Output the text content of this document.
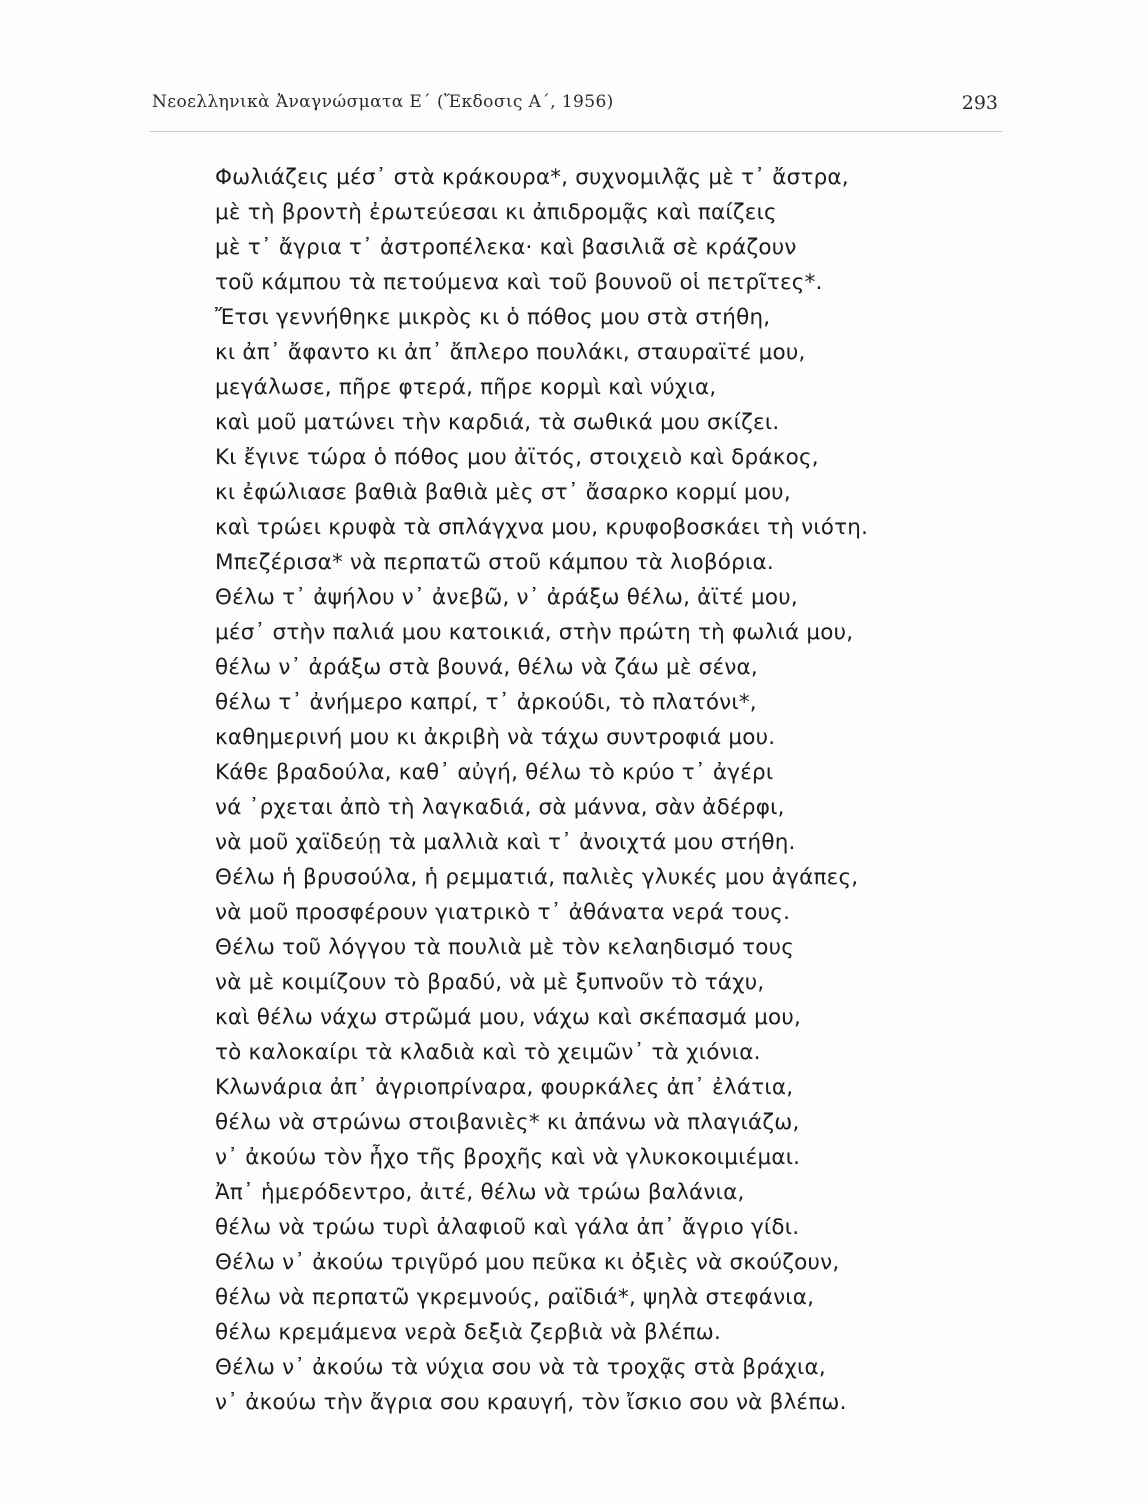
Νεοελληνικὰ Ἀναγνώσματα Ε΄ (Ἔκδοσις Α΄, 1956)	293
Φωλιάζεις μέσ᾽ στὰ κράκουρα*, συχνομιλᾷς μὲ τ᾽ ἄστρα,
μὲ τὴ βροντὴ ἐρωτεύεσαι κι ἀπιδρομᾷς καὶ παίζεις
μὲ τ᾽ ἄγρια τ᾽ ἀστροπέλεκα· καὶ βασιλιᾶ σὲ κράζουν
τοῦ κάμπου τὰ πετούμενα καὶ τοῦ βουνοῦ οἱ πετρῖτες*.
Ἔτσι γεννήθηκε μικρὸς κι ὁ πόθος μου στὰ στήθη,
κι ἀπ᾽ ἄφαντο κι ἀπ᾽ ἄπλερο πουλάκι, σταυραϊτέ μου,
μεγάλωσε, πῆρε φτερά, πῆρε κορμὶ καὶ νύχια,
καὶ μοῦ ματώνει τὴν καρδιά, τὰ σωθικά μου σκίζει.
Κι ἔγινε τώρα ὁ πόθος μου ἀϊτός, στοιχειὸ καὶ δράκος,
κι ἐφώλιασε βαθιὰ βαθιὰ μὲς στ᾽ ἄσαρκο κορμί μου,
καὶ τρώει κρυφὰ τὰ σπλάγχνα μου, κρυφοβοσκάει τὴ νιότη.
Μπεζέρισα* νὰ περπατῶ στοῦ κάμπου τὰ λιοβόρια.
Θέλω τ᾽ ἀψήλου ν᾽ ἀνεβῶ, ν᾽ ἀράξω θέλω, ἀϊτέ μου,
μέσ᾽ στὴν παλιά μου κατοικιά, στὴν πρώτη τὴ φωλιά μου,
θέλω ν᾽ ἀράξω στὰ βουνά, θέλω νὰ ζάω μὲ σένα,
θέλω τ᾽ ἀνήμερο καπρί, τ᾽ ἀρκούδι, τὸ πλατόνι*,
καθημερινή μου κι ἀκριβὴ νὰ τάχω συντροφιά μου.
Κάθε βραδούλα, καθ᾽ αὐγή, θέλω τὸ κρύο τ᾽ ἀγέρι
νά ᾽ρχεται ἀπὸ τὴ λαγκαδιά, σὰ μάννα, σὰν ἀδέρφι,
νὰ μοῦ χαϊδεύῃ τὰ μαλλιὰ καὶ τ᾽ ἀνοιχτά μου στήθη.
Θέλω ἡ βρυσούλα, ἡ ρεμματιά, παλιὲς γλυκές μου ἀγάπες,
νὰ μοῦ προσφέρουν γιατρικὸ τ᾽ ἀθάνατα νερά τους.
Θέλω τοῦ λόγγου τὰ πουλιὰ μὲ τὸν κελαηδισμό τους
νὰ μὲ κοιμίζουν τὸ βραδύ, νὰ μὲ ξυπνοῦν τὸ τάχυ,
καὶ θέλω νάχω στρῶμά μου, νάχω καὶ σκέπασμά μου,
τὸ καλοκαίρι τὰ κλαδιὰ καὶ τὸ χειμῶν᾽ τὰ χιόνια.
Κλωνάρια ἀπ᾽ ἀγριοπρίναρα, φουρκάλες ἀπ᾽ ἐλάτια,
θέλω νὰ στρώνω στοιβανιὲς* κι ἀπάνω νὰ πλαγιάζω,
ν᾽ ἀκούω τὸν ἦχο τῆς βροχῆς καὶ νὰ γλυκοκοιμιέμαι.
Ἀπ᾽ ἡμερόδεντρο, ἀιτέ, θέλω νὰ τρώω βαλάνια,
θέλω νὰ τρώω τυρὶ ἀλαφιοῦ καὶ γάλα ἀπ᾽ ἄγριο γίδι.
Θέλω ν᾽ ἀκούω τριγῦρό μου πεῦκα κι ὀξιὲς νὰ σκούζουν,
θέλω νὰ περπατῶ γκρεμνούς, ραϊδιά*, ψηλὰ στεφάνια,
θέλω κρεμάμενα νερὰ δεξιὰ ζερβιὰ νὰ βλέπω.
Θέλω ν᾽ ἀκούω τὰ νύχια σου νὰ τὰ τροχᾷς στὰ βράχια,
ν᾽ ἀκούω τὴν ἄγρια σου κραυγή, τὸν ἴσκιο σου νὰ βλέπω.
